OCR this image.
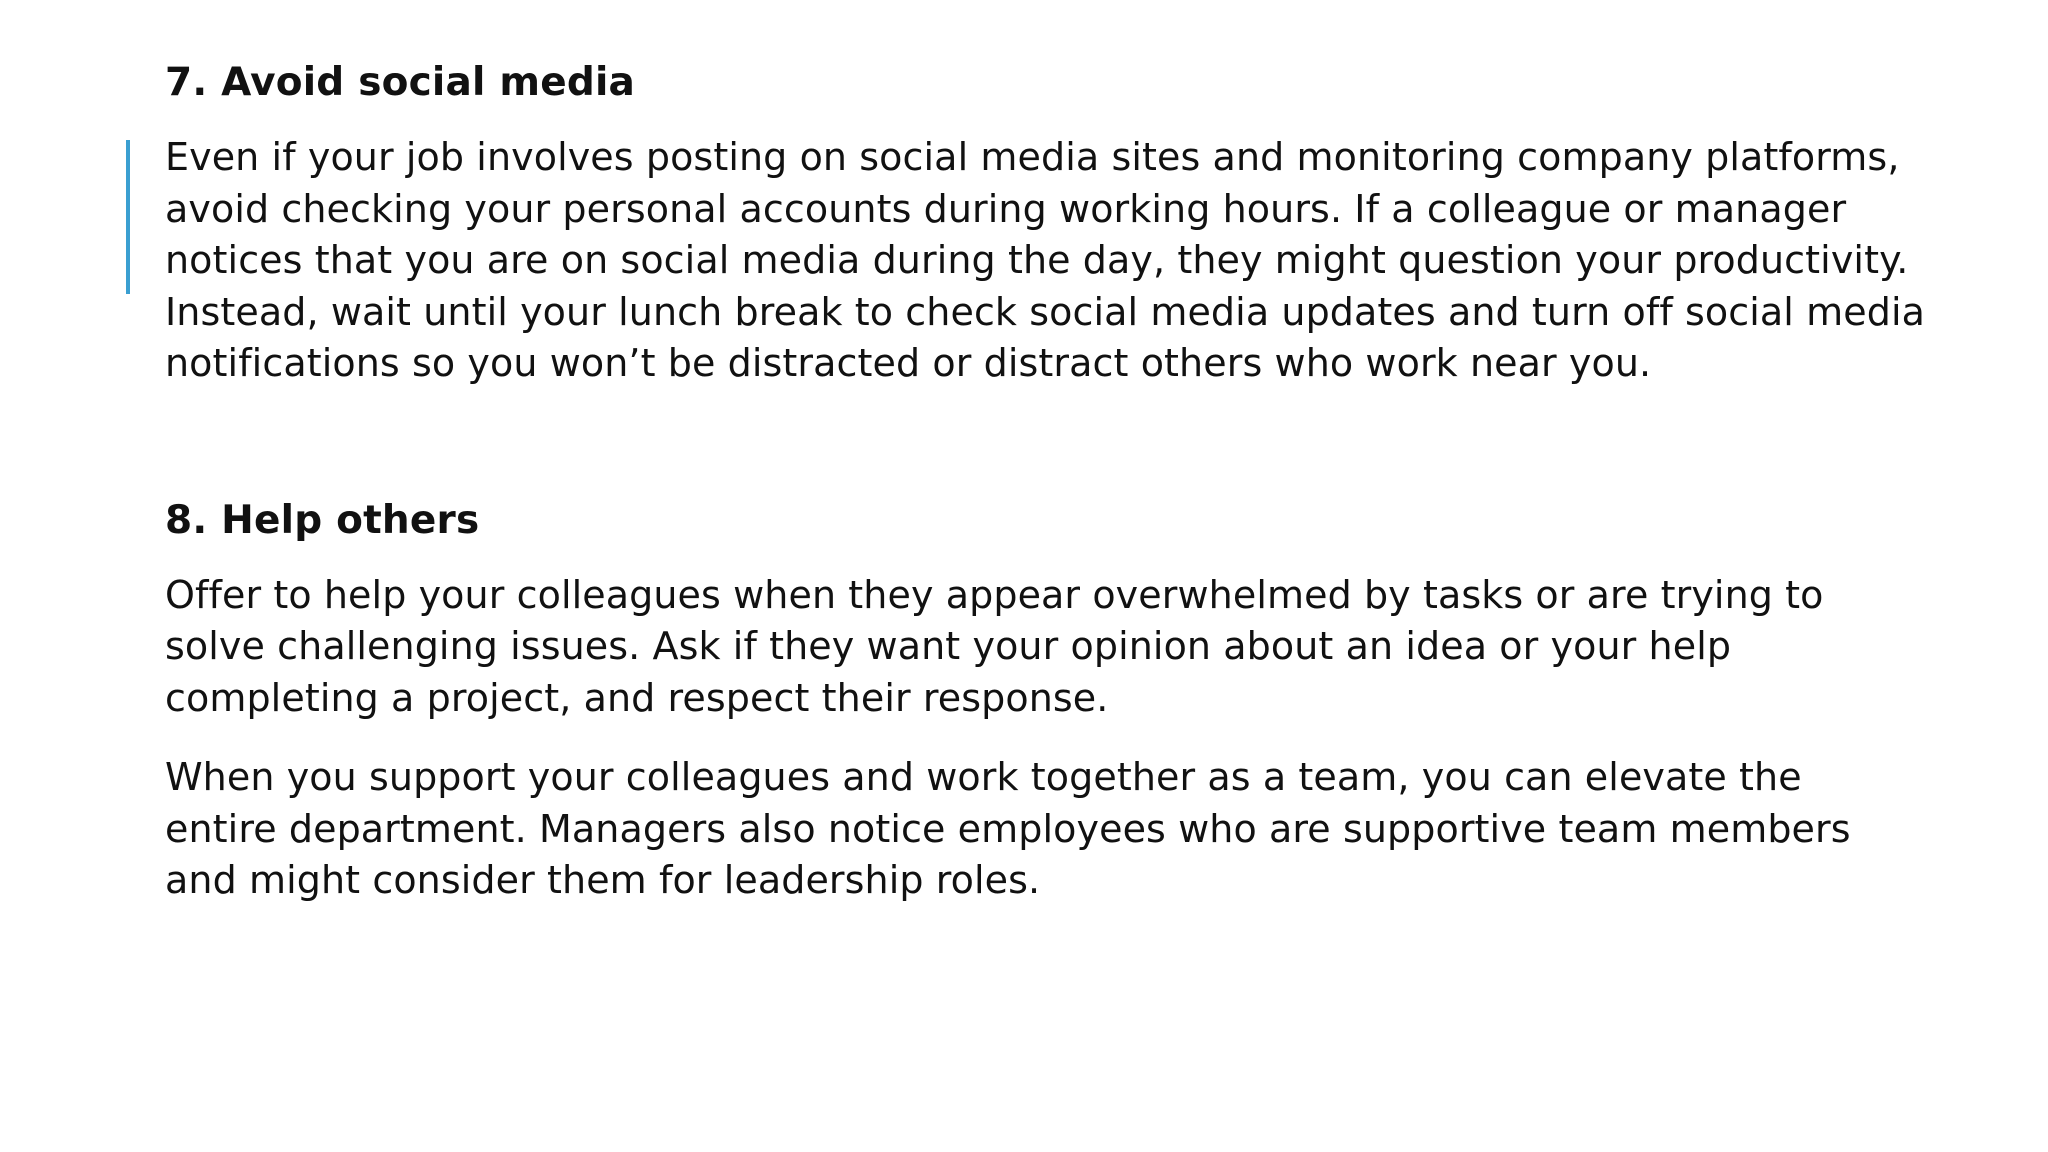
7. Avoid social media

Even if your job involves posting on social media sites and monitoring company platforms, avoid checking your personal accounts during working hours. If a colleague or manager notices that you are on social media during the day, they might question your productivity. Instead, wait until your lunch break to check social media updates and turn off social media notifications so you won’t be distracted or distract others who work near you.

8. Help others

Offer to help your colleagues when they appear overwhelmed by tasks or are trying to solve challenging issues. Ask if they want your opinion about an idea or your help completing a project, and respect their response.

When you support your colleagues and work together as a team, you can elevate the entire department. Managers also notice employees who are supportive team members and might consider them for leadership roles.
